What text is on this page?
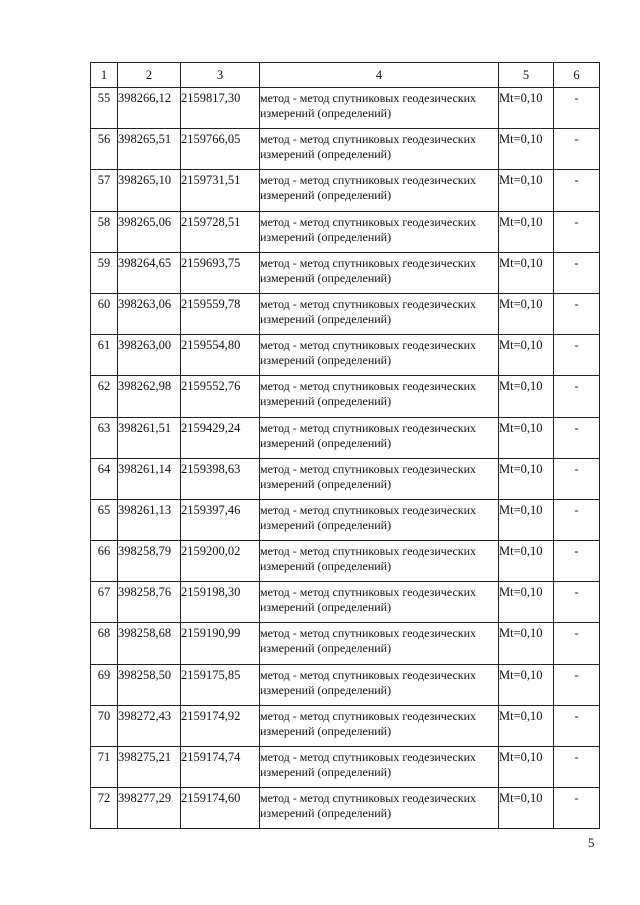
1	2	3	4	5	6
55	398266,12	2159817,30	метод - метод спутниковых геодезических измерений (определений)	Mt=0,10	-
56	398265,51	2159766,05	метод - метод спутниковых геодезических измерений (определений)	Mt=0,10	-
57	398265,10	2159731,51	метод - метод спутниковых геодезических измерений (определений)	Mt=0,10	-
58	398265,06	2159728,51	метод - метод спутниковых геодезических измерений (определений)	Mt=0,10	-
59	398264,65	2159693,75	метод - метод спутниковых геодезических измерений (определений)	Mt=0,10	-
60	398263,06	2159559,78	метод - метод спутниковых геодезических измерений (определений)	Mt=0,10	-
61	398263,00	2159554,80	метод - метод спутниковых геодезических измерений (определений)	Mt=0,10	-
62	398262,98	2159552,76	метод - метод спутниковых геодезических измерений (определений)	Mt=0,10	-
63	398261,51	2159429,24	метод - метод спутниковых геодезических измерений (определений)	Mt=0,10	-
64	398261,14	2159398,63	метод - метод спутниковых геодезических измерений (определений)	Mt=0,10	-
65	398261,13	2159397,46	метод - метод спутниковых геодезических измерений (определений)	Mt=0,10	-
66	398258,79	2159200,02	метод - метод спутниковых геодезических измерений (определений)	Mt=0,10	-
67	398258,76	2159198,30	метод - метод спутниковых геодезических измерений (определений)	Mt=0,10	-
68	398258,68	2159190,99	метод - метод спутниковых геодезических измерений (определений)	Mt=0,10	-
69	398258,50	2159175,85	метод - метод спутниковых геодезических измерений (определений)	Mt=0,10	-
70	398272,43	2159174,92	метод - метод спутниковых геодезических измерений (определений)	Mt=0,10	-
71	398275,21	2159174,74	метод - метод спутниковых геодезических измерений (определений)	Mt=0,10	-
72	398277,29	2159174,60	метод - метод спутниковых геодезических измерений (определений)	Mt=0,10	-
5
